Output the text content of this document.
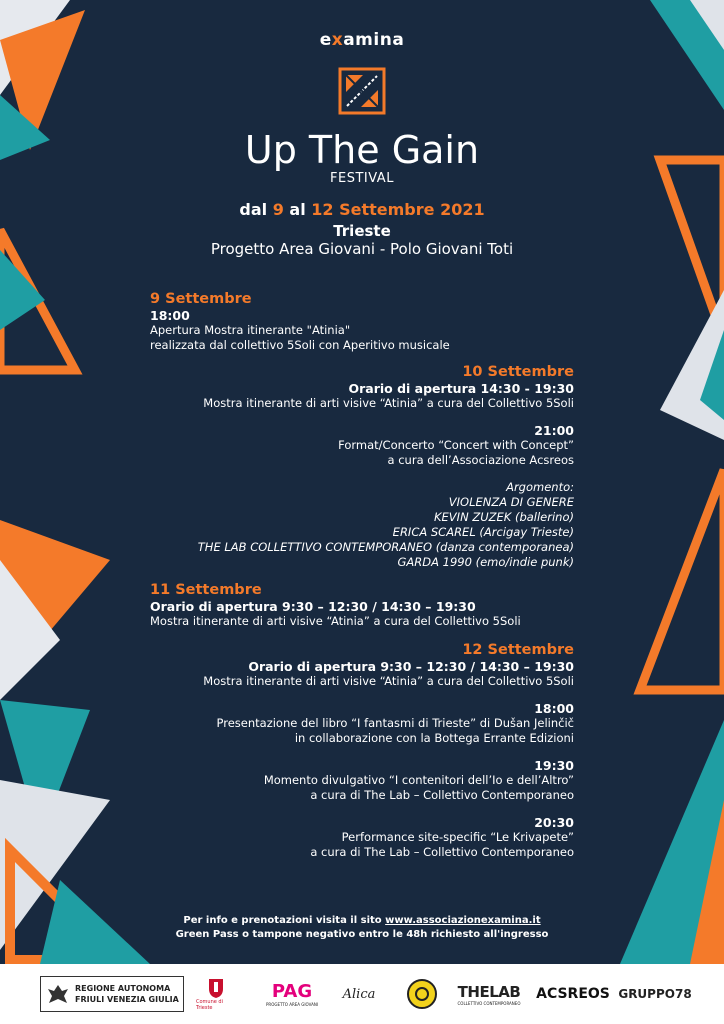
examina
Up The Gain
FESTIVAL
dal 9 al 12 Settembre 2021
Trieste
Progetto Area Giovani - Polo Giovani Toti
9 Settembre
18:00
Apertura Mostra itinerante "Atinia"
realizzata dal collettivo 5Soli con Aperitivo musicale
10 Settembre
Orario di apertura 14:30 - 19:30
Mostra itinerante di arti visive “Atinia” a cura del Collettivo 5Soli
21:00
Format/Concerto “Concert with Concept”
a cura dell’Associazione Acsreos
Argomento:
VIOLENZA DI GENERE
KEVIN ZUZEK (ballerino)
ERICA SCAREL (Arcigay Trieste)
THE LAB COLLETTIVO CONTEMPORANEO (danza contemporanea)
GARDA 1990 (emo/indie punk)
11 Settembre
Orario di apertura 9:30 – 12:30 / 14:30 – 19:30
Mostra itinerante di arti visive “Atinia” a cura del Collettivo 5Soli
12 Settembre
Orario di apertura 9:30 – 12:30 / 14:30 – 19:30
Mostra itinerante di arti visive “Atinia” a cura del Collettivo 5Soli
18:00
Presentazione del libro “I fantasmi di Trieste” di Dušan Jelinčič
in collaborazione con la Bottega Errante Edizioni
19:30
Momento divulgativo “I contenitori dell’Io e dell’Altro”
a cura di The Lab – Collettivo Contemporaneo
20:30
Performance site-specific “Le Krivapete”
a cura di The Lab – Collettivo Contemporaneo
Per info e prenotazioni visita il sito www.associazionexamina.it
Green Pass o tampone negativo entro le 48h richiesto all'ingresso
REGIONE AUTONOMA
FRIULI VENEZIA GIULIA	Comune di Trieste
PAG
PROGETTO AREA GIOVANI
Alica	THELAB
COLLETTIVO CONTEMPORANEO
ACSREOS GRUPPO78
